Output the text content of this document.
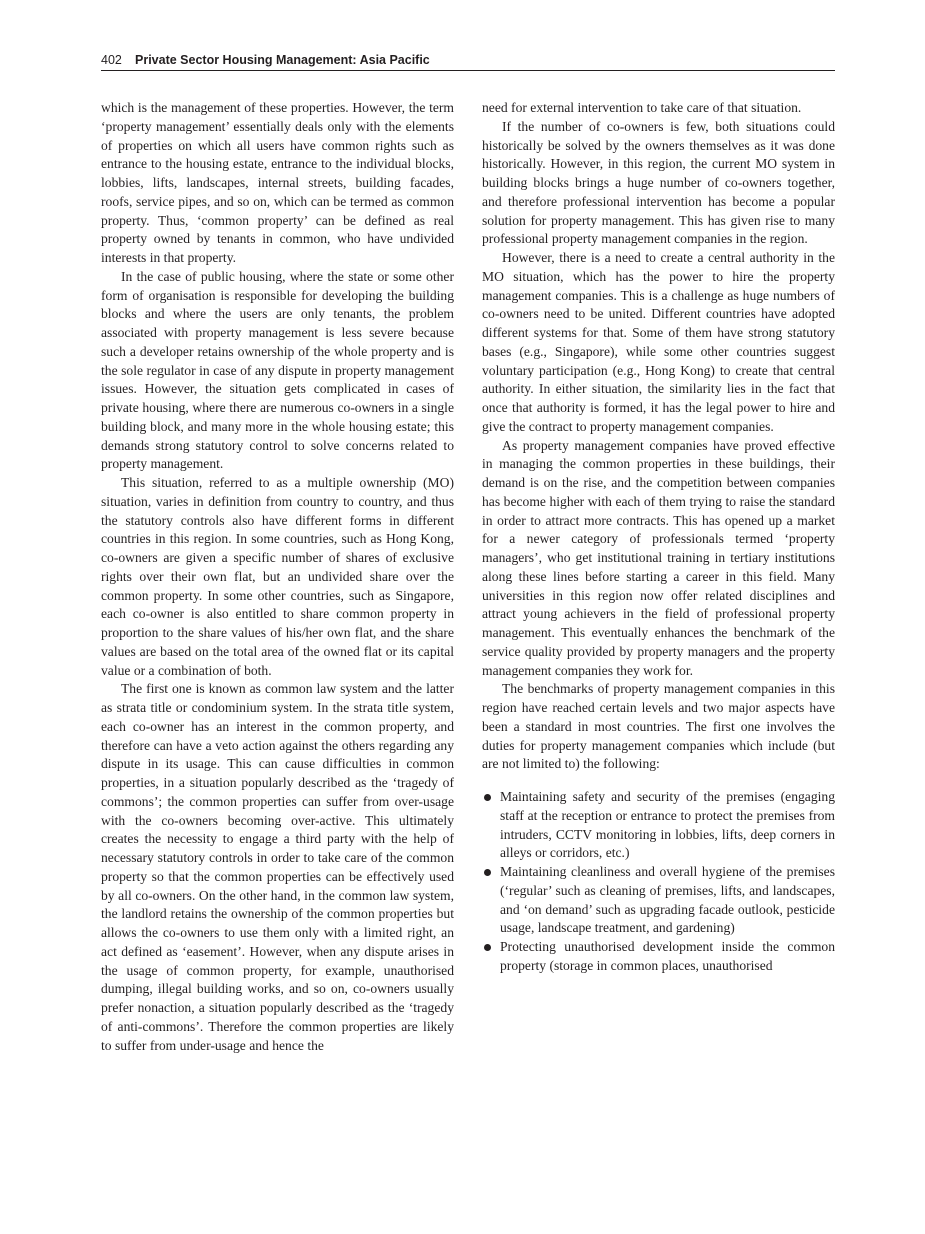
402 Private Sector Housing Management: Asia Pacific

which is the management of these properties. However, the term ‘property management’ essentially deals only with the elements of properties on which all users have common rights such as entrance to the housing estate, entrance to the individual blocks, lobbies, lifts, landscapes, internal streets, building facades, roofs, service pipes, and so on, which can be termed as common property. Thus, ‘common property’ can be defined as real property owned by tenants in common, who have undivided interests in that property.

In the case of public housing, where the state or some other form of organisation is responsible for developing the building blocks and where the users are only tenants, the problem associated with property management is less severe because such a developer retains ownership of the whole property and is the sole regulator in case of any dispute in property management issues. However, the situation gets complicated in cases of private housing, where there are numerous co-owners in a single building block, and many more in the whole housing estate; this demands strong statutory control to solve concerns related to property management.

This situation, referred to as a multiple ownership (MO) situation, varies in definition from country to country, and thus the statutory controls also have different forms in different countries in this region. In some countries, such as Hong Kong, co-owners are given a specific number of shares of exclusive rights over their own flat, but an undivided share over the common property. In some other countries, such as Singapore, each co-owner is also entitled to share common property in proportion to the share values of his/her own flat, and the share values are based on the total area of the owned flat or its capital value or a combination of both.

The first one is known as common law system and the latter as strata title or condominium system. In the strata title system, each co-owner has an interest in the common property, and therefore can have a veto action against the others regarding any dispute in its usage. This can cause difficulties in common properties, in a situation popularly described as the ‘tragedy of commons’; the common properties can suffer from over-usage with the co-owners becoming over-active. This ultimately creates the necessity to engage a third party with the help of necessary statutory controls in order to take care of the common property so that the common properties can be effectively used by all co-owners. On the other hand, in the common law system, the landlord retains the ownership of the common properties but allows the co-owners to use them only with a limited right, an act defined as ‘easement’. However, when any dispute arises in the usage of common property, for example, unauthorised dumping, illegal building works, and so on, co-owners usually prefer nonaction, a situation popularly described as the ‘tragedy of anti-commons’. Therefore the common properties are likely to suffer from under-usage and hence the

need for external intervention to take care of that situation.

If the number of co-owners is few, both situations could historically be solved by the owners themselves as it was done historically. However, in this region, the current MO system in building blocks brings a huge number of co-owners together, and therefore professional intervention has become a popular solution for property management. This has given rise to many professional property management companies in the region.

However, there is a need to create a central authority in the MO situation, which has the power to hire the property management companies. This is a challenge as huge numbers of co-owners need to be united. Different countries have adopted different systems for that. Some of them have strong statutory bases (e.g., Singapore), while some other countries suggest voluntary participation (e.g., Hong Kong) to create that central authority. In either situation, the similarity lies in the fact that once that authority is formed, it has the legal power to hire and give the contract to property management companies.

As property management companies have proved effective in managing the common properties in these buildings, their demand is on the rise, and the competition between companies has become higher with each of them trying to raise the standard in order to attract more contracts. This has opened up a market for a newer category of professionals termed ‘property managers’, who get institutional training in tertiary institutions along these lines before starting a career in this field. Many universities in this region now offer related disciplines and attract young achievers in the field of professional property management. This eventually enhances the benchmark of the service quality provided by property managers and the property management companies they work for.

The benchmarks of property management companies in this region have reached certain levels and two major aspects have been a standard in most countries. The first one involves the duties for property management companies which include (but are not limited to) the following:

Maintaining safety and security of the premises (engaging staff at the reception or entrance to protect the premises from intruders, CCTV monitoring in lobbies, lifts, deep corners in alleys or corridors, etc.)
Maintaining cleanliness and overall hygiene of the premises (‘regular’ such as cleaning of premises, lifts, and landscapes, and ‘on demand’ such as upgrading facade outlook, pesticide usage, landscape treatment, and gardening)
Protecting unauthorised development inside the common property (storage in common places, unauthorised
